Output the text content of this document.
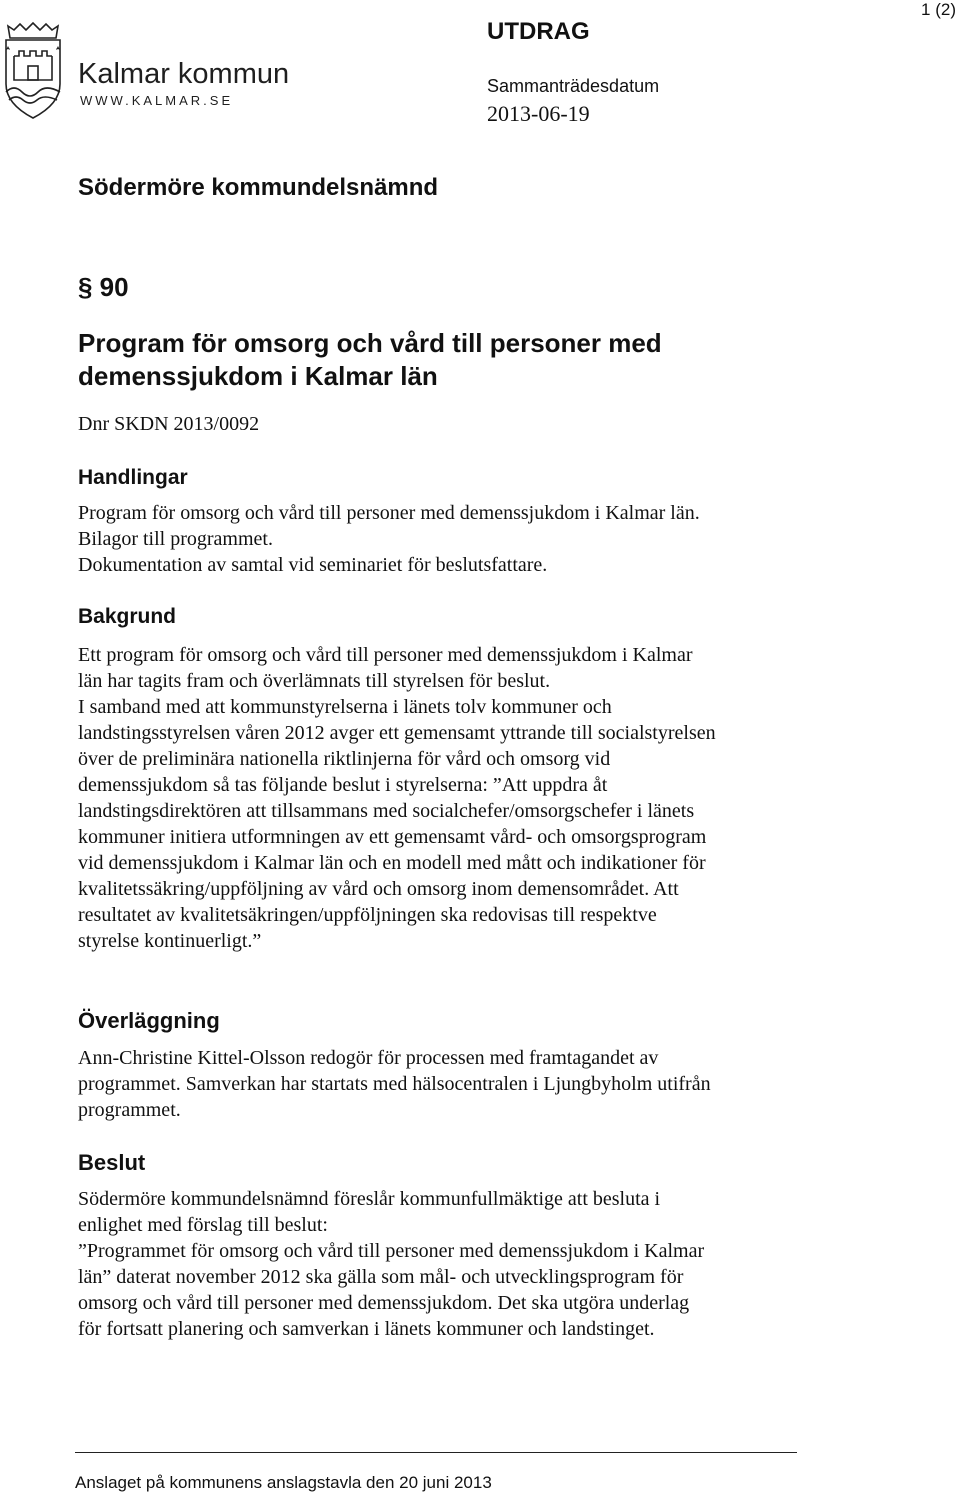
Kalmar kommun
WWW.KALMAR.SE
UTDRAG
Sammanträdesdatum
2013-06-19
1 (2)
Södermöre kommundelsnämnd
§ 90
Program för omsorg och vård till personer med
demenssjukdom i Kalmar län
Dnr SKDN 2013/0092
Handlingar
Program för omsorg och vård till personer med demenssjukdom i Kalmar län.
Bilagor till programmet.
Dokumentation av samtal vid seminariet för beslutsfattare.
Bakgrund
Ett program för omsorg och vård till personer med demenssjukdom i Kalmar
län har tagits fram och överlämnats till styrelsen för beslut.
I samband med att kommunstyrelserna i länets tolv kommuner och
landstingsstyrelsen våren 2012 avger ett gemensamt yttrande till socialstyrelsen
över de preliminära nationella riktlinjerna för vård och omsorg vid
demenssjukdom så tas följande beslut i styrelserna: ”Att uppdra åt
landstingsdirektören att tillsammans med socialchefer/omsorgschefer i länets
kommuner initiera utformningen av ett gemensamt vård- och omsorgsprogram
vid demenssjukdom i Kalmar län och en modell med mått och indikationer för
kvalitetssäkring/uppföljning av vård och omsorg inom demensområdet. Att
resultatet av kvalitetsäkringen/uppföljningen ska redovisas till respektve
styrelse kontinuerligt.”
Överläggning
Ann-Christine Kittel-Olsson redogör för processen med framtagandet av
programmet. Samverkan har startats med hälsocentralen i Ljungbyholm utifrån
programmet.
Beslut
Södermöre kommundelsnämnd föreslår kommunfullmäktige att besluta i
enlighet med förslag till beslut:
”Programmet för omsorg och vård till personer med demenssjukdom i Kalmar
län” daterat november 2012 ska gälla som mål- och utvecklingsprogram för
omsorg och vård till personer med demenssjukdom. Det ska utgöra underlag
för fortsatt planering och samverkan i länets kommuner och landstinget.
Anslaget på kommunens anslagstavla den 20 juni 2013
